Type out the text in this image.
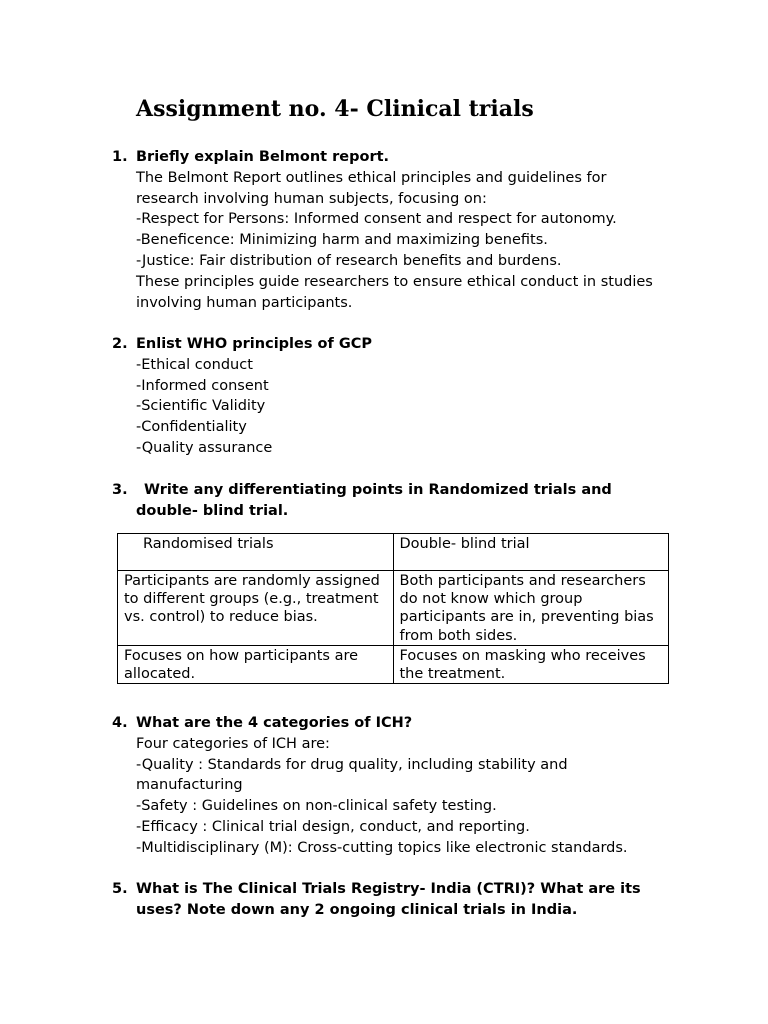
Assignment no. 4- Clinical trials
1. Briefly explain Belmont report.
The Belmont Report outlines ethical principles and guidelines for
research involving human subjects, focusing on:
-Respect for Persons: Informed consent and respect for autonomy.
-Beneficence: Minimizing harm and maximizing benefits.
-Justice: Fair distribution of research benefits and burdens.
These principles guide researchers to ensure ethical conduct in studies
involving human participants.
2. Enlist WHO principles of GCP
-Ethical conduct
-Informed consent
-Scientific Validity
-Confidentiality
-Quality assurance
3.	Write any differentiating points in Randomized trials and double- blind trial.
Randomised trials	Double- blind trial
Participants are randomly assigned to different groups (e.g., treatment vs. control) to reduce bias.	Both participants and researchers do not know which group participants are in, preventing bias from both sides.
Focuses on how participants are allocated.	Focuses on masking who receives the treatment.
4. What are the 4 categories of ICH?
Four categories of ICH are:
-Quality : Standards for drug quality, including stability and manufacturing
-Safety : Guidelines on non-clinical safety testing.
-Efficacy : Clinical trial design, conduct, and reporting.
-Multidisciplinary (M): Cross-cutting topics like electronic standards.
5. What is The Clinical Trials Registry- India (CTRI)? What are its uses? Note down any 2 ongoing clinical trials in India.
